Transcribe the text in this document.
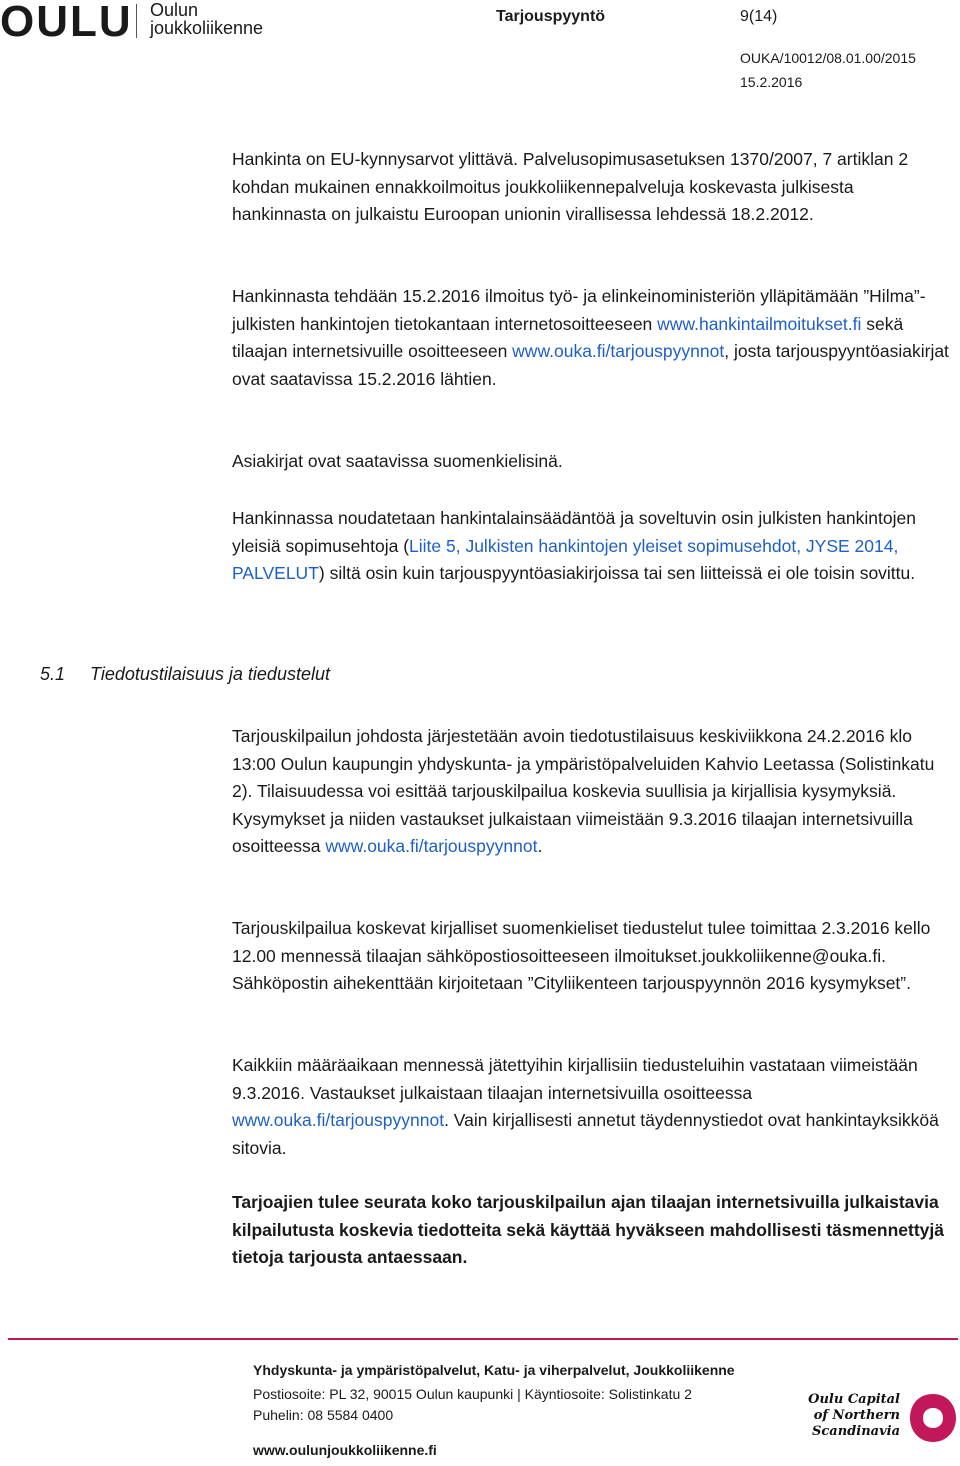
OULU Oulun
joukkoliikenne
Tarjouspyyntö	9(14)
OUKA/10012/08.01.00/2015
15.2.2016

Hankinta on EU-kynnysarvot ylittävä. Palvelusopimusasetuksen 1370/2007, 7 artiklan 2 kohdan mukainen ennakkoilmoitus joukkoliikennepalveluja koskevasta julkisesta hankinnasta on julkaistu Euroopan unionin virallisessa lehdessä 18.2.2012.

Hankinnasta tehdään 15.2.2016 ilmoitus työ- ja elinkeinoministeriön ylläpitämään ”Hilma”-julkisten hankintojen tietokantaan internetosoitteeseen www.hankintailmoitukset.fi sekä tilaajan internetsivuille osoitteeseen www.ouka.fi/tarjouspyynnot, josta tarjouspyyntöasiakirjat ovat saatavissa 15.2.2016 lähtien.

Asiakirjat ovat saatavissa suomenkielisinä.

Hankinnassa noudatetaan hankintalainsäädäntöä ja soveltuvin osin julkisten hankintojen yleisiä sopimusehtoja (Liite 5, Julkisten hankintojen yleiset sopimusehdot, JYSE 2014, PALVELUT) siltä osin kuin tarjouspyyntöasiakirjoissa tai sen liitteissä ei ole toisin sovittu.

5.1 Tiedotustilaisuus ja tiedustelut

Tarjouskilpailun johdosta järjestetään avoin tiedotustilaisuus keskiviikkona 24.2.2016 klo 13:00 Oulun kaupungin yhdyskunta- ja ympäristöpalveluiden Kahvio Leetassa (Solistinkatu 2). Tilaisuudessa voi esittää tarjouskilpailua koskevia suullisia ja kirjallisia kysymyksiä. Kysymykset ja niiden vastaukset julkaistaan viimeistään 9.3.2016 tilaajan internetsivuilla osoitteessa www.ouka.fi/tarjouspyynnot.

Tarjouskilpailua koskevat kirjalliset suomenkieliset tiedustelut tulee toimittaa 2.3.2016 kello 12.00 mennessä tilaajan sähköpostiosoitteeseen ilmoitukset.joukkoliikenne@ouka.fi. Sähköpostin aihekenttään kirjoitetaan ”Cityliikenteen tarjouspyynnön 2016 kysymykset”.

Kaikkiin määräaikaan mennessä jätettyihin kirjallisiin tiedusteluihin vastataan viimeistään 9.3.2016. Vastaukset julkaistaan tilaajan internetsivuilla osoitteessa www.ouka.fi/tarjouspyynnot. Vain kirjallisesti annetut täydennystiedot ovat hankintayksikköä sitovia.

Tarjoajien tulee seurata koko tarjouskilpailun ajan tilaajan internetsivuilla julkaistavia kilpailutusta koskevia tiedotteita sekä käyttää hyväkseen mahdollisesti täsmennettyjä tietoja tarjousta antaessaan.

Yhdyskunta- ja ympäristöpalvelut, Katu- ja viherpalvelut, Joukkoliikenne
Postiosoite: PL 32, 90015 Oulun kaupunki | Käyntiosoite: Solistinkatu 2
Puhelin: 08 5584 0400
www.oulunjoukkoliikenne.fi
Oulu Capital
of Northern
Scandinavia
